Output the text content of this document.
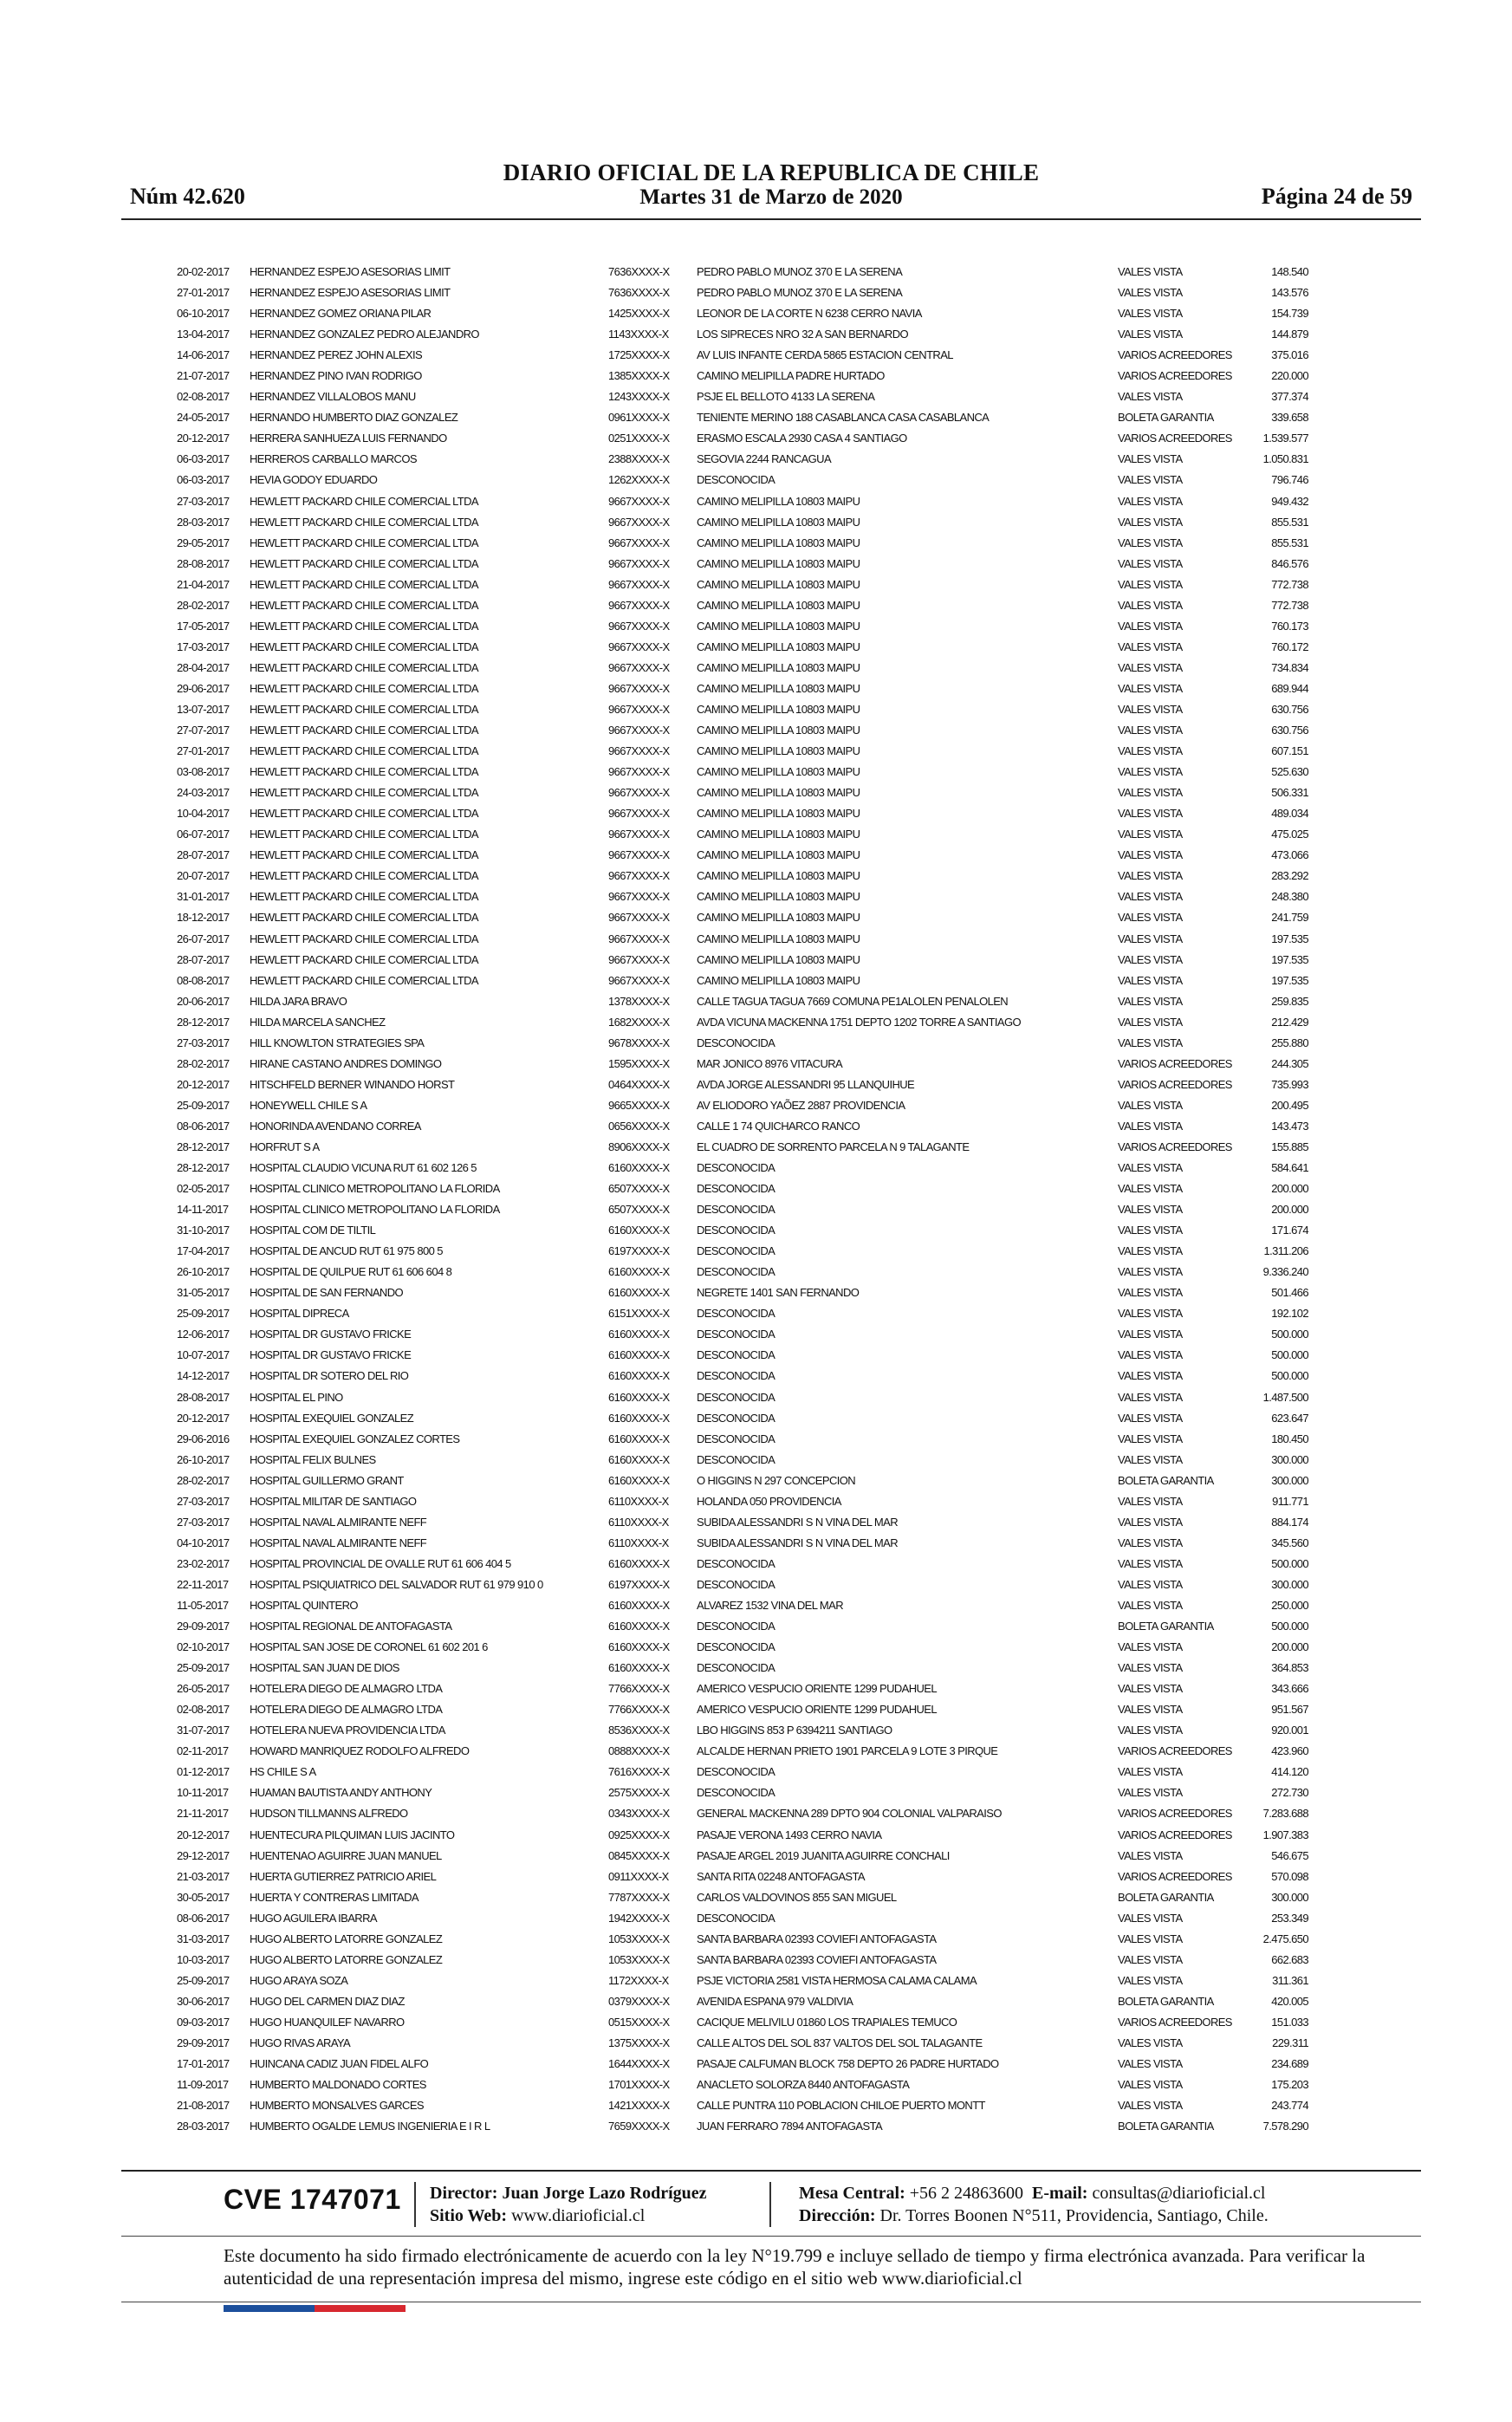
DIARIO OFICIAL DE LA REPUBLICA DE CHILE
Núm 42.620	Martes 31 de Marzo de 2020	Página 24 de 59
20-02-2017	HERNANDEZ ESPEJO ASESORIAS LIMIT	7636XXXX-X	PEDRO PABLO MUNOZ 370 E LA SERENA	VALES VISTA	148.540
27-01-2017	HERNANDEZ ESPEJO ASESORIAS LIMIT	7636XXXX-X	PEDRO PABLO MUNOZ 370 E LA SERENA	VALES VISTA	143.576
06-10-2017	HERNANDEZ GOMEZ ORIANA PILAR	1425XXXX-X	LEONOR DE LA CORTE N 6238 CERRO NAVIA	VALES VISTA	154.739
13-04-2017	HERNANDEZ GONZALEZ PEDRO ALEJANDRO	1143XXXX-X	LOS SIPRECES NRO 32 A SAN BERNARDO	VALES VISTA	144.879
14-06-2017	HERNANDEZ PEREZ JOHN ALEXIS	1725XXXX-X	AV LUIS INFANTE CERDA 5865 ESTACION CENTRAL	VARIOS ACREEDORES	375.016
21-07-2017	HERNANDEZ PINO IVAN RODRIGO	1385XXXX-X	CAMINO MELIPILLA PADRE HURTADO	VARIOS ACREEDORES	220.000
02-08-2017	HERNANDEZ VILLALOBOS MANU	1243XXXX-X	PSJE EL BELLOTO 4133 LA SERENA	VALES VISTA	377.374
24-05-2017	HERNANDO HUMBERTO DIAZ GONZALEZ	0961XXXX-X	TENIENTE MERINO 188 CASABLANCA CASA CASABLANCA	BOLETA GARANTIA	339.658
20-12-2017	HERRERA SANHUEZA LUIS FERNANDO	0251XXXX-X	ERASMO ESCALA 2930 CASA 4 SANTIAGO	VARIOS ACREEDORES	1.539.577
06-03-2017	HERREROS CARBALLO MARCOS	2388XXXX-X	SEGOVIA 2244 RANCAGUA	VALES VISTA	1.050.831
06-03-2017	HEVIA GODOY EDUARDO	1262XXXX-X	DESCONOCIDA	VALES VISTA	796.746
27-03-2017	HEWLETT PACKARD CHILE COMERCIAL LTDA	9667XXXX-X	CAMINO MELIPILLA 10803 MAIPU	VALES VISTA	949.432
28-03-2017	HEWLETT PACKARD CHILE COMERCIAL LTDA	9667XXXX-X	CAMINO MELIPILLA 10803 MAIPU	VALES VISTA	855.531
29-05-2017	HEWLETT PACKARD CHILE COMERCIAL LTDA	9667XXXX-X	CAMINO MELIPILLA 10803 MAIPU	VALES VISTA	855.531
28-08-2017	HEWLETT PACKARD CHILE COMERCIAL LTDA	9667XXXX-X	CAMINO MELIPILLA 10803 MAIPU	VALES VISTA	846.576
21-04-2017	HEWLETT PACKARD CHILE COMERCIAL LTDA	9667XXXX-X	CAMINO MELIPILLA 10803 MAIPU	VALES VISTA	772.738
28-02-2017	HEWLETT PACKARD CHILE COMERCIAL LTDA	9667XXXX-X	CAMINO MELIPILLA 10803 MAIPU	VALES VISTA	772.738
17-05-2017	HEWLETT PACKARD CHILE COMERCIAL LTDA	9667XXXX-X	CAMINO MELIPILLA 10803 MAIPU	VALES VISTA	760.173
17-03-2017	HEWLETT PACKARD CHILE COMERCIAL LTDA	9667XXXX-X	CAMINO MELIPILLA 10803 MAIPU	VALES VISTA	760.172
28-04-2017	HEWLETT PACKARD CHILE COMERCIAL LTDA	9667XXXX-X	CAMINO MELIPILLA 10803 MAIPU	VALES VISTA	734.834
29-06-2017	HEWLETT PACKARD CHILE COMERCIAL LTDA	9667XXXX-X	CAMINO MELIPILLA 10803 MAIPU	VALES VISTA	689.944
13-07-2017	HEWLETT PACKARD CHILE COMERCIAL LTDA	9667XXXX-X	CAMINO MELIPILLA 10803 MAIPU	VALES VISTA	630.756
27-07-2017	HEWLETT PACKARD CHILE COMERCIAL LTDA	9667XXXX-X	CAMINO MELIPILLA 10803 MAIPU	VALES VISTA	630.756
27-01-2017	HEWLETT PACKARD CHILE COMERCIAL LTDA	9667XXXX-X	CAMINO MELIPILLA 10803 MAIPU	VALES VISTA	607.151
03-08-2017	HEWLETT PACKARD CHILE COMERCIAL LTDA	9667XXXX-X	CAMINO MELIPILLA 10803 MAIPU	VALES VISTA	525.630
24-03-2017	HEWLETT PACKARD CHILE COMERCIAL LTDA	9667XXXX-X	CAMINO MELIPILLA 10803 MAIPU	VALES VISTA	506.331
10-04-2017	HEWLETT PACKARD CHILE COMERCIAL LTDA	9667XXXX-X	CAMINO MELIPILLA 10803 MAIPU	VALES VISTA	489.034
06-07-2017	HEWLETT PACKARD CHILE COMERCIAL LTDA	9667XXXX-X	CAMINO MELIPILLA 10803 MAIPU	VALES VISTA	475.025
28-07-2017	HEWLETT PACKARD CHILE COMERCIAL LTDA	9667XXXX-X	CAMINO MELIPILLA 10803 MAIPU	VALES VISTA	473.066
20-07-2017	HEWLETT PACKARD CHILE COMERCIAL LTDA	9667XXXX-X	CAMINO MELIPILLA 10803 MAIPU	VALES VISTA	283.292
31-01-2017	HEWLETT PACKARD CHILE COMERCIAL LTDA	9667XXXX-X	CAMINO MELIPILLA 10803 MAIPU	VALES VISTA	248.380
18-12-2017	HEWLETT PACKARD CHILE COMERCIAL LTDA	9667XXXX-X	CAMINO MELIPILLA 10803 MAIPU	VALES VISTA	241.759
26-07-2017	HEWLETT PACKARD CHILE COMERCIAL LTDA	9667XXXX-X	CAMINO MELIPILLA 10803 MAIPU	VALES VISTA	197.535
28-07-2017	HEWLETT PACKARD CHILE COMERCIAL LTDA	9667XXXX-X	CAMINO MELIPILLA 10803 MAIPU	VALES VISTA	197.535
08-08-2017	HEWLETT PACKARD CHILE COMERCIAL LTDA	9667XXXX-X	CAMINO MELIPILLA 10803 MAIPU	VALES VISTA	197.535
20-06-2017	HILDA JARA BRAVO	1378XXXX-X	CALLE TAGUA TAGUA 7669 COMUNA PE1ALOLEN PENALOLEN	VALES VISTA	259.835
28-12-2017	HILDA MARCELA SANCHEZ	1682XXXX-X	AVDA VICUNA MACKENNA 1751 DEPTO 1202 TORRE A SANTIAGO	VALES VISTA	212.429
27-03-2017	HILL KNOWLTON STRATEGIES SPA	9678XXXX-X	DESCONOCIDA	VALES VISTA	255.880
28-02-2017	HIRANE CASTANO ANDRES DOMINGO	1595XXXX-X	MAR JONICO 8976 VITACURA	VARIOS ACREEDORES	244.305
20-12-2017	HITSCHFELD BERNER WINANDO HORST	0464XXXX-X	AVDA JORGE ALESSANDRI 95 LLANQUIHUE	VARIOS ACREEDORES	735.993
25-09-2017	HONEYWELL CHILE S A	9665XXXX-X	AV ELIODORO YAÕEZ 2887 PROVIDENCIA	VALES VISTA	200.495
08-06-2017	HONORINDA AVENDANO CORREA	0656XXXX-X	CALLE 1 74 QUICHARCO RANCO	VALES VISTA	143.473
28-12-2017	HORFRUT S A	8906XXXX-X	EL CUADRO DE SORRENTO PARCELA N 9 TALAGANTE	VARIOS ACREEDORES	155.885
28-12-2017	HOSPITAL CLAUDIO VICUNA RUT 61 602 126 5	6160XXXX-X	DESCONOCIDA	VALES VISTA	584.641
02-05-2017	HOSPITAL CLINICO METROPOLITANO LA FLORIDA	6507XXXX-X	DESCONOCIDA	VALES VISTA	200.000
14-11-2017	HOSPITAL CLINICO METROPOLITANO LA FLORIDA	6507XXXX-X	DESCONOCIDA	VALES VISTA	200.000
31-10-2017	HOSPITAL COM DE TILTIL	6160XXXX-X	DESCONOCIDA	VALES VISTA	171.674
17-04-2017	HOSPITAL DE ANCUD RUT 61 975 800 5	6197XXXX-X	DESCONOCIDA	VALES VISTA	1.311.206
26-10-2017	HOSPITAL DE QUILPUE RUT 61 606 604 8	6160XXXX-X	DESCONOCIDA	VALES VISTA	9.336.240
31-05-2017	HOSPITAL DE SAN FERNANDO	6160XXXX-X	NEGRETE 1401 SAN FERNANDO	VALES VISTA	501.466
25-09-2017	HOSPITAL DIPRECA	6151XXXX-X	DESCONOCIDA	VALES VISTA	192.102
12-06-2017	HOSPITAL DR GUSTAVO FRICKE	6160XXXX-X	DESCONOCIDA	VALES VISTA	500.000
10-07-2017	HOSPITAL DR GUSTAVO FRICKE	6160XXXX-X	DESCONOCIDA	VALES VISTA	500.000
14-12-2017	HOSPITAL DR SOTERO DEL RIO	6160XXXX-X	DESCONOCIDA	VALES VISTA	500.000
28-08-2017	HOSPITAL EL PINO	6160XXXX-X	DESCONOCIDA	VALES VISTA	1.487.500
20-12-2017	HOSPITAL EXEQUIEL GONZALEZ	6160XXXX-X	DESCONOCIDA	VALES VISTA	623.647
29-06-2016	HOSPITAL EXEQUIEL GONZALEZ CORTES	6160XXXX-X	DESCONOCIDA	VALES VISTA	180.450
26-10-2017	HOSPITAL FELIX BULNES	6160XXXX-X	DESCONOCIDA	VALES VISTA	300.000
28-02-2017	HOSPITAL GUILLERMO GRANT	6160XXXX-X	O HIGGINS N 297 CONCEPCION	BOLETA GARANTIA	300.000
27-03-2017	HOSPITAL MILITAR DE SANTIAGO	6110XXXX-X	HOLANDA 050 PROVIDENCIA	VALES VISTA	911.771
27-03-2017	HOSPITAL NAVAL ALMIRANTE NEFF	6110XXXX-X	SUBIDA ALESSANDRI S N VINA DEL MAR	VALES VISTA	884.174
04-10-2017	HOSPITAL NAVAL ALMIRANTE NEFF	6110XXXX-X	SUBIDA ALESSANDRI S N VINA DEL MAR	VALES VISTA	345.560
23-02-2017	HOSPITAL PROVINCIAL DE OVALLE RUT 61 606 404 5	6160XXXX-X	DESCONOCIDA	VALES VISTA	500.000
22-11-2017	HOSPITAL PSIQUIATRICO DEL SALVADOR RUT 61 979 910 0	6197XXXX-X	DESCONOCIDA	VALES VISTA	300.000
11-05-2017	HOSPITAL QUINTERO	6160XXXX-X	ALVAREZ 1532 VINA DEL MAR	VALES VISTA	250.000
29-09-2017	HOSPITAL REGIONAL DE ANTOFAGASTA	6160XXXX-X	DESCONOCIDA	BOLETA GARANTIA	500.000
02-10-2017	HOSPITAL SAN JOSE DE CORONEL 61 602 201 6	6160XXXX-X	DESCONOCIDA	VALES VISTA	200.000
25-09-2017	HOSPITAL SAN JUAN DE DIOS	6160XXXX-X	DESCONOCIDA	VALES VISTA	364.853
26-05-2017	HOTELERA DIEGO DE ALMAGRO LTDA	7766XXXX-X	AMERICO VESPUCIO ORIENTE 1299 PUDAHUEL	VALES VISTA	343.666
02-08-2017	HOTELERA DIEGO DE ALMAGRO LTDA	7766XXXX-X	AMERICO VESPUCIO ORIENTE 1299 PUDAHUEL	VALES VISTA	951.567
31-07-2017	HOTELERA NUEVA PROVIDENCIA LTDA	8536XXXX-X	LBO HIGGINS 853 P 6394211 SANTIAGO	VALES VISTA	920.001
02-11-2017	HOWARD MANRIQUEZ RODOLFO ALFREDO	0888XXXX-X	ALCALDE HERNAN PRIETO 1901 PARCELA 9 LOTE 3 PIRQUE	VARIOS ACREEDORES	423.960
01-12-2017	HS CHILE S A	7616XXXX-X	DESCONOCIDA	VALES VISTA	414.120
10-11-2017	HUAMAN BAUTISTA ANDY ANTHONY	2575XXXX-X	DESCONOCIDA	VALES VISTA	272.730
21-11-2017	HUDSON TILLMANNS ALFREDO	0343XXXX-X	GENERAL MACKENNA 289 DPTO 904 COLONIAL VALPARAISO	VARIOS ACREEDORES	7.283.688
20-12-2017	HUENTECURA PILQUIMAN LUIS JACINTO	0925XXXX-X	PASAJE VERONA 1493 CERRO NAVIA	VARIOS ACREEDORES	1.907.383
29-12-2017	HUENTENAO AGUIRRE JUAN MANUEL	0845XXXX-X	PASAJE ARGEL 2019 JUANITA AGUIRRE CONCHALI	VALES VISTA	546.675
21-03-2017	HUERTA GUTIERREZ PATRICIO ARIEL	0911XXXX-X	SANTA RITA 02248 ANTOFAGASTA	VARIOS ACREEDORES	570.098
30-05-2017	HUERTA Y CONTRERAS LIMITADA	7787XXXX-X	CARLOS VALDOVINOS 855 SAN MIGUEL	BOLETA GARANTIA	300.000
08-06-2017	HUGO AGUILERA IBARRA	1942XXXX-X	DESCONOCIDA	VALES VISTA	253.349
31-03-2017	HUGO ALBERTO LATORRE GONZALEZ	1053XXXX-X	SANTA BARBARA 02393 COVIEFI ANTOFAGASTA	VALES VISTA	2.475.650
10-03-2017	HUGO ALBERTO LATORRE GONZALEZ	1053XXXX-X	SANTA BARBARA 02393 COVIEFI ANTOFAGASTA	VALES VISTA	662.683
25-09-2017	HUGO ARAYA SOZA	1172XXXX-X	PSJE VICTORIA 2581 VISTA HERMOSA CALAMA CALAMA	VALES VISTA	311.361
30-06-2017	HUGO DEL CARMEN DIAZ DIAZ	0379XXXX-X	AVENIDA ESPANA 979 VALDIVIA	BOLETA GARANTIA	420.005
09-03-2017	HUGO HUANQUILEF NAVARRO	0515XXXX-X	CACIQUE MELIVILU 01860 LOS TRAPIALES TEMUCO	VARIOS ACREEDORES	151.033
29-09-2017	HUGO RIVAS ARAYA	1375XXXX-X	CALLE ALTOS DEL SOL 837 VALTOS DEL SOL TALAGANTE	VALES VISTA	229.311
17-01-2017	HUINCANA CADIZ JUAN FIDEL ALFO	1644XXXX-X	PASAJE CALFUMAN BLOCK 758 DEPTO 26 PADRE HURTADO	VALES VISTA	234.689
11-09-2017	HUMBERTO MALDONADO CORTES	1701XXXX-X	ANACLETO SOLORZA 8440 ANTOFAGASTA	VALES VISTA	175.203
21-08-2017	HUMBERTO MONSALVES GARCES	1421XXXX-X	CALLE PUNTRA 110 POBLACION CHILOE PUERTO MONTT	VALES VISTA	243.774
28-03-2017	HUMBERTO OGALDE LEMUS INGENIERIA E I R L	7659XXXX-X	JUAN FERRARO 7894 ANTOFAGASTA	BOLETA GARANTIA	7.578.290
CVE 1747071 Director: Juan Jorge Lazo Rodríguez
Sitio Web: www.diarioficial.cl
Mesa Central: +56 2 24863600 E-mail: consultas@diarioficial.cl
Dirección: Dr. Torres Boonen N°511, Providencia, Santiago, Chile.
Este documento ha sido firmado electrónicamente de acuerdo con la ley N°19.799 e incluye sellado de tiempo y firma electrónica avanzada. Para verificar la autenticidad de una representación impresa del mismo, ingrese este código en el sitio web www.diarioficial.cl
